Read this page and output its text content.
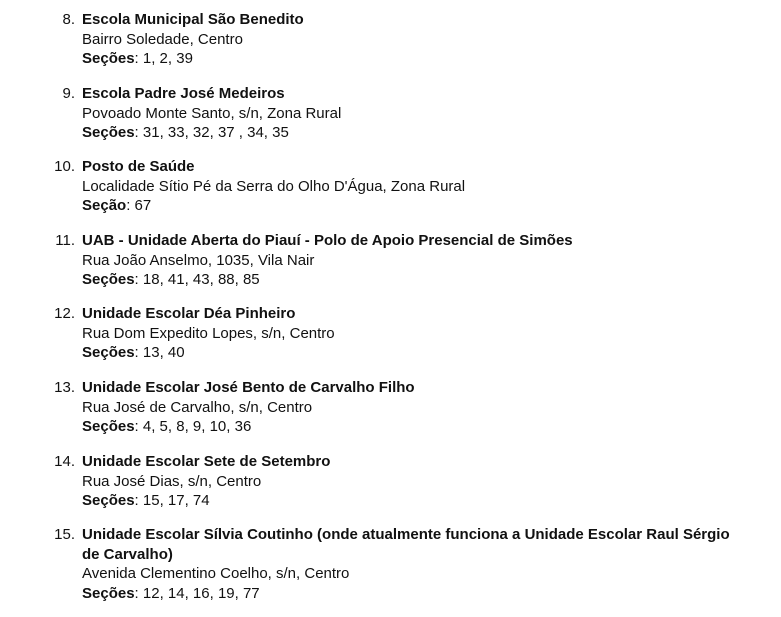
8. Escola Municipal São Benedito
Bairro Soledade, Centro
Seções: 1, 2, 39
9. Escola Padre José Medeiros
Povoado Monte Santo, s/n, Zona Rural
Seções: 31, 33, 32, 37 , 34, 35
10. Posto de Saúde
Localidade Sítio Pé da Serra do Olho D'Água, Zona Rural
Seção: 67
11. UAB - Unidade Aberta do Piauí - Polo de Apoio Presencial de Simões
Rua João Anselmo, 1035, Vila Nair
Seções: 18, 41, 43, 88, 85
12. Unidade Escolar Déa Pinheiro
Rua Dom Expedito Lopes, s/n, Centro
Seções: 13, 40
13. Unidade Escolar José Bento de Carvalho Filho
Rua José de Carvalho, s/n, Centro
Seções: 4, 5, 8, 9, 10, 36
14. Unidade Escolar Sete de Setembro
Rua José Dias, s/n, Centro
Seções: 15, 17, 74
15. Unidade Escolar Sílvia Coutinho (onde atualmente funciona a Unidade Escolar Raul Sérgio de Carvalho)
Avenida Clementino Coelho, s/n, Centro
Seções: 12, 14, 16, 19, 77
